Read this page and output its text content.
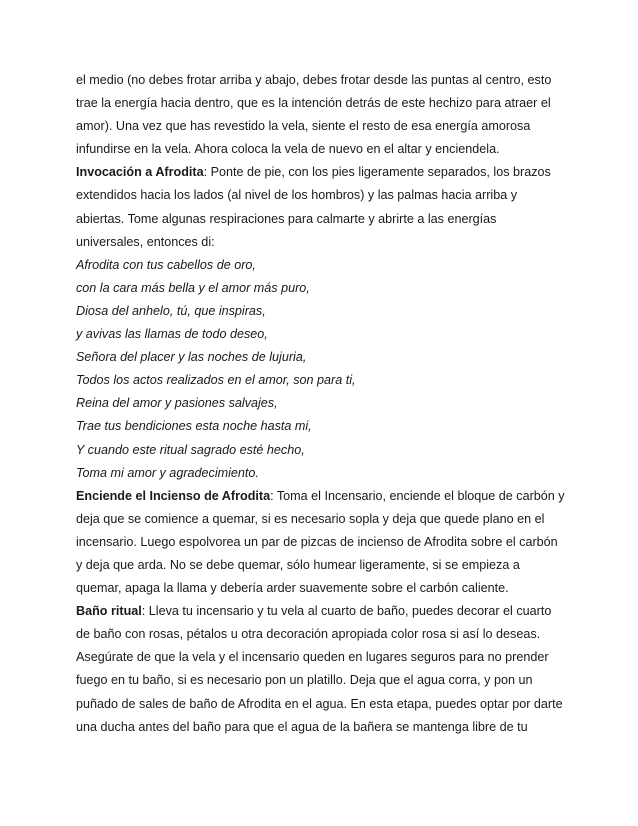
el medio (no debes frotar arriba y abajo, debes frotar desde las puntas al centro, esto
trae la energía hacia dentro, que es la intención detrás de este hechizo para atraer el
amor). Una vez que has revestido la vela, siente el resto de esa energía amorosa
infundirse en la vela. Ahora coloca la vela de nuevo en el altar y enciendela.
Invocación a Afrodita: Ponte de pie, con los pies ligeramente separados, los brazos
extendidos hacia los lados (al nivel de los hombros) y las palmas hacia arriba y
abiertas. Tome algunas respiraciones para calmarte y abrirte a las energías
universales, entonces di:
Afrodita con tus cabellos de oro,
con la cara más bella y el amor más puro,
Diosa del anhelo, tú, que inspiras,
y avivas las llamas de todo deseo,
Señora del placer y las noches de lujuria,
Todos los actos realizados en el amor, son para ti,
Reina del amor y pasiones salvajes,
Trae tus bendiciones esta noche hasta mi,
Y cuando este ritual sagrado esté hecho,
Toma mi amor y agradecimiento.
Enciende el Incienso de Afrodita: Toma el Incensario, enciende el bloque de carbón y
deja que se comience a quemar, si es necesario sopla y deja que quede plano en el
incensario. Luego espolvorea un par de pizcas de incienso de Afrodita sobre el carbón
y deja que arda. No se debe quemar, sólo humear ligeramente, si se empieza a
quemar, apaga la llama y debería arder suavemente sobre el carbón caliente.
Baño ritual: Lleva tu incensario y tu vela al cuarto de baño, puedes decorar el cuarto
de baño con rosas, pétalos u otra decoración apropiada color rosa si así lo deseas.
Asegúrate de que la vela y el incensario queden en lugares seguros para no prender
fuego en tu baño, si es necesario pon un platillo. Deja que el agua corra, y pon un
puñado de sales de baño de Afrodita en el agua. En esta etapa, puedes optar por darte
una ducha antes del baño para que el agua de la bañera se mantenga libre de tu
